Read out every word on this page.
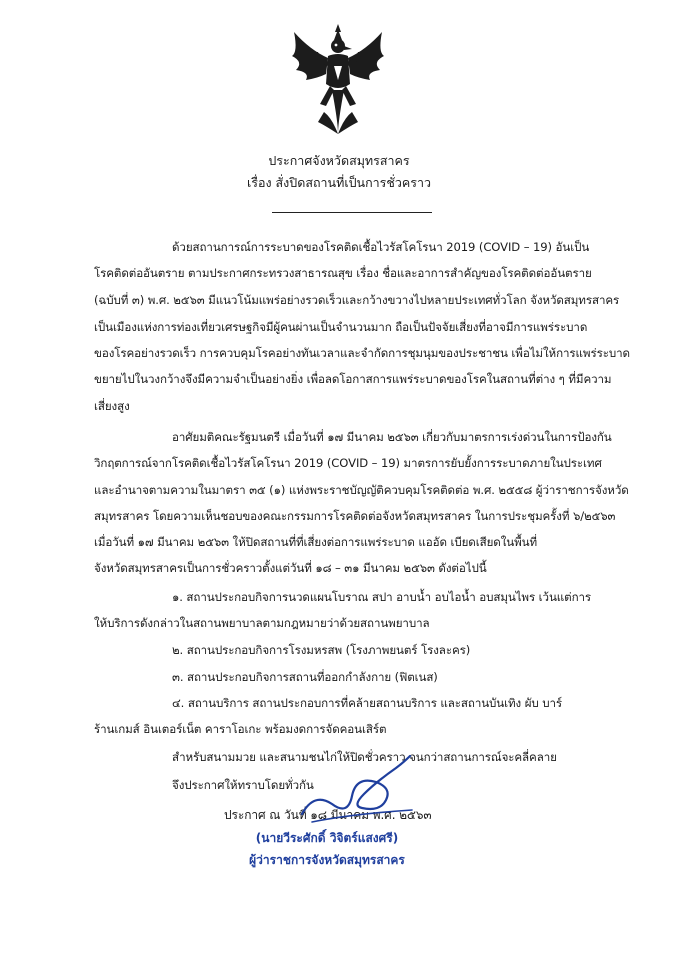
ประกาศจังหวัดสมุทรสาคร
เรื่อง สั่งปิดสถานที่เป็นการชั่วคราว
ด้วยสถานการณ์การระบาดของโรคติดเชื้อไวรัสโคโรนา 2019 (COVID – 19) อันเป็น
โรคติดต่ออันตราย ตามประกาศกระทรวงสาธารณสุข เรื่อง ชื่อและอาการสำคัญของโรคติดต่ออันตราย
(ฉบับที่ ๓) พ.ศ. ๒๕๖๓ มีแนวโน้มแพร่อย่างรวดเร็วและกว้างขวางไปหลายประเทศทั่วโลก จังหวัดสมุทรสาคร
เป็นเมืองแห่งการท่องเที่ยวเศรษฐกิจมีผู้คนผ่านเป็นจำนวนมาก ถือเป็นปัจจัยเสี่ยงที่อาจมีการแพร่ระบาด
ของโรคอย่างรวดเร็ว การควบคุมโรคอย่างทันเวลาและจำกัดการชุมนุมของประชาชน เพื่อไม่ให้การแพร่ระบาด
ขยายไปในวงกว้างจึงมีความจำเป็นอย่างยิ่ง เพื่อลดโอกาสการแพร่ระบาดของโรคในสถานที่ต่าง ๆ ที่มีความ
เสี่ยงสูง
อาศัยมติคณะรัฐมนตรี เมื่อวันที่ ๑๗ มีนาคม ๒๕๖๓ เกี่ยวกับมาตรการเร่งด่วนในการป้องกัน
วิกฤตการณ์จากโรคติดเชื้อไวรัสโคโรนา 2019 (COVID – 19) มาตรการยับยั้งการระบาดภายในประเทศ
และอำนาจตามความในมาตรา ๓๕ (๑) แห่งพระราชบัญญัติควบคุมโรคติดต่อ พ.ศ. ๒๕๕๘ ผู้ว่าราชการจังหวัด
สมุทรสาคร โดยความเห็นชอบของคณะกรรมการโรคติดต่อจังหวัดสมุทรสาคร ในการประชุมครั้งที่ ๖/๒๕๖๓
เมื่อวันที่ ๑๗ มีนาคม ๒๕๖๓ ให้ปิดสถานที่ที่เสี่ยงต่อการแพร่ระบาด แออัด เบียดเสียดในพื้นที่
จังหวัดสมุทรสาครเป็นการชั่วคราวตั้งแต่วันที่ ๑๘ – ๓๑ มีนาคม ๒๕๖๓ ดังต่อไปนี้
๑. สถานประกอบกิจการนวดแผนโบราณ สปา อาบน้ำ อบไอน้ำ อบสมุนไพร เว้นแต่การ
ให้บริการดังกล่าวในสถานพยาบาลตามกฎหมายว่าด้วยสถานพยาบาล
๒. สถานประกอบกิจการโรงมหรสพ (โรงภาพยนตร์ โรงละคร)
๓. สถานประกอบกิจการสถานที่ออกกำลังกาย (ฟิตเนส)
๔. สถานบริการ สถานประกอบการที่คล้ายสถานบริการ และสถานบันเทิง ผับ บาร์
ร้านเกมส์ อินเตอร์เน็ต คาราโอเกะ พร้อมงดการจัดคอนเสิร์ต
สำหรับสนามมวย และสนามชนไก่ให้ปิดชั่วคราว จนกว่าสถานการณ์จะคลี่คลาย
จึงประกาศให้ทราบโดยทั่วกัน
ประกาศ ณ วันที่ ๑๘ มีนาคม พ.ศ. ๒๕๖๓
(นายวีระศักดิ์ วิจิตร์แสงศรี)
ผู้ว่าราชการจังหวัดสมุทรสาคร
